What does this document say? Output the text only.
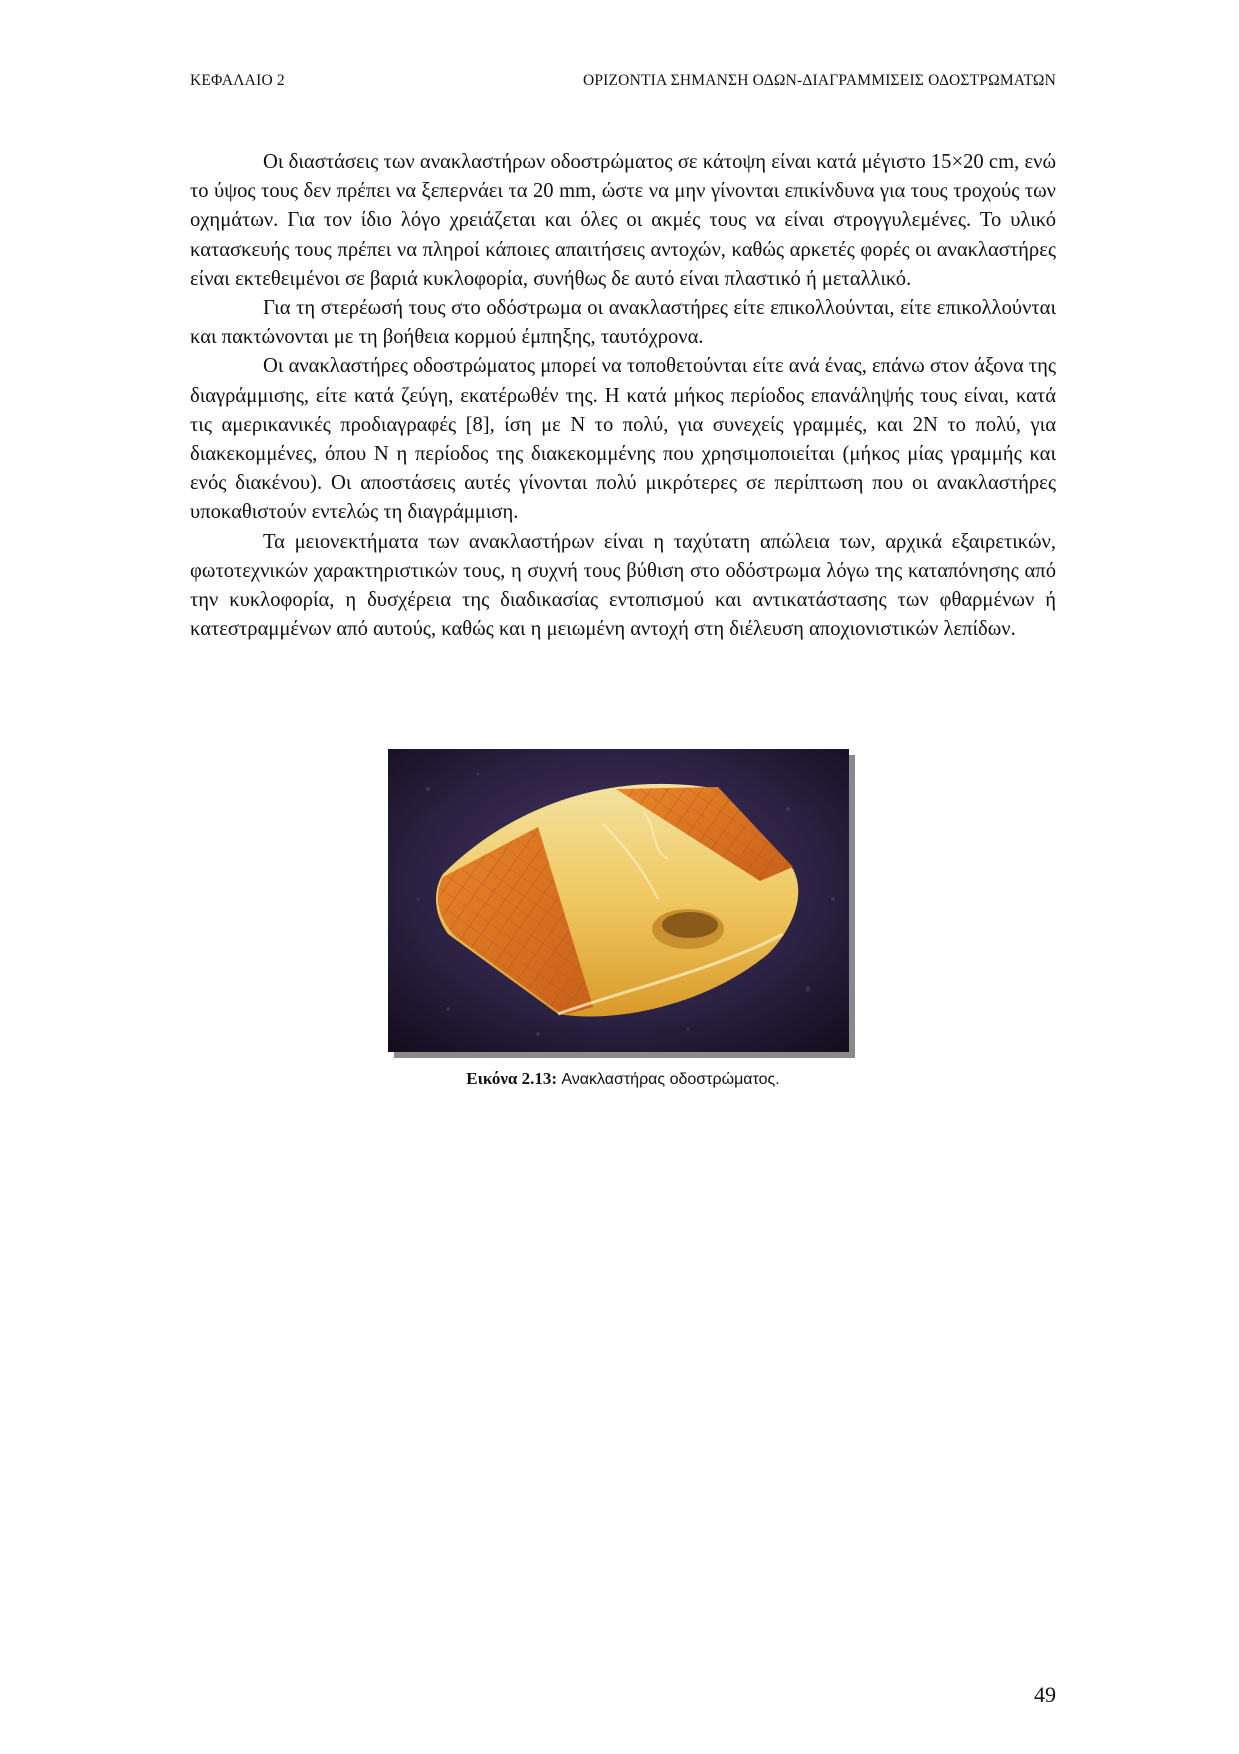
ΚΕΦΑΛΑΙΟ 2	ΟΡΙΖΟΝΤΙΑ ΣΗΜΑΝΣΗ ΟΔΩΝ-ΔΙΑΓΡΑΜΜΙΣΕΙΣ ΟΔΟΣΤΡΩΜΑΤΩΝ

Οι διαστάσεις των ανακλαστήρων οδοστρώματος σε κάτοψη είναι κατά μέγιστο 15×20 cm, ενώ το ύψος τους δεν πρέπει να ξεπερνάει τα 20 mm, ώστε να μην γίνονται επικίνδυνα για τους τροχούς των οχημάτων. Για τον ίδιο λόγο χρειάζεται και όλες οι ακμές τους να είναι στρογγυλεμένες. Το υλικό κατασκευής τους πρέπει να πληροί κάποιες απαιτήσεις αντοχών, καθώς αρκετές φορές οι ανακλαστήρες είναι εκτεθειμένοι σε βαριά κυκλοφορία, συνήθως δε αυτό είναι πλαστικό ή μεταλλικό.

Για τη στερέωσή τους στο οδόστρωμα οι ανακλαστήρες είτε επικολλούνται, είτε επικολλούνται και πακτώνονται με τη βοήθεια κορμού έμπηξης, ταυτόχρονα.

Οι ανακλαστήρες οδοστρώματος μπορεί να τοποθετούνται είτε ανά ένας, επάνω στον άξονα της διαγράμμισης, είτε κατά ζεύγη, εκατέρωθέν της. Η κατά μήκος περίοδος επανάληψής τους είναι, κατά τις αμερικανικές προδιαγραφές [8], ίση με Ν το πολύ, για συνεχείς γραμμές, και 2Ν το πολύ, για διακεκομμένες, όπου Ν η περίοδος της διακεκομμένης που χρησιμοποιείται (μήκος μίας γραμμής και ενός διακένου). Οι αποστάσεις αυτές γίνονται πολύ μικρότερες σε περίπτωση που οι ανακλαστήρες υποκαθιστούν εντελώς τη διαγράμμιση.

Τα μειονεκτήματα των ανακλαστήρων είναι η ταχύτατη απώλεια των, αρχικά εξαιρετικών, φωτοτεχνικών χαρακτηριστικών τους, η συχνή τους βύθιση στο οδόστρωμα λόγω της καταπόνησης από την κυκλοφορία, η δυσχέρεια της διαδικασίας εντοπισμού και αντικατάστασης των φθαρμένων ή κατεστραμμένων από αυτούς, καθώς και η μειωμένη αντοχή στη διέλευση αποχιονιστικών λεπίδων.

Εικόνα 2.13: Ανακλαστήρας οδοστρώματος.
49
